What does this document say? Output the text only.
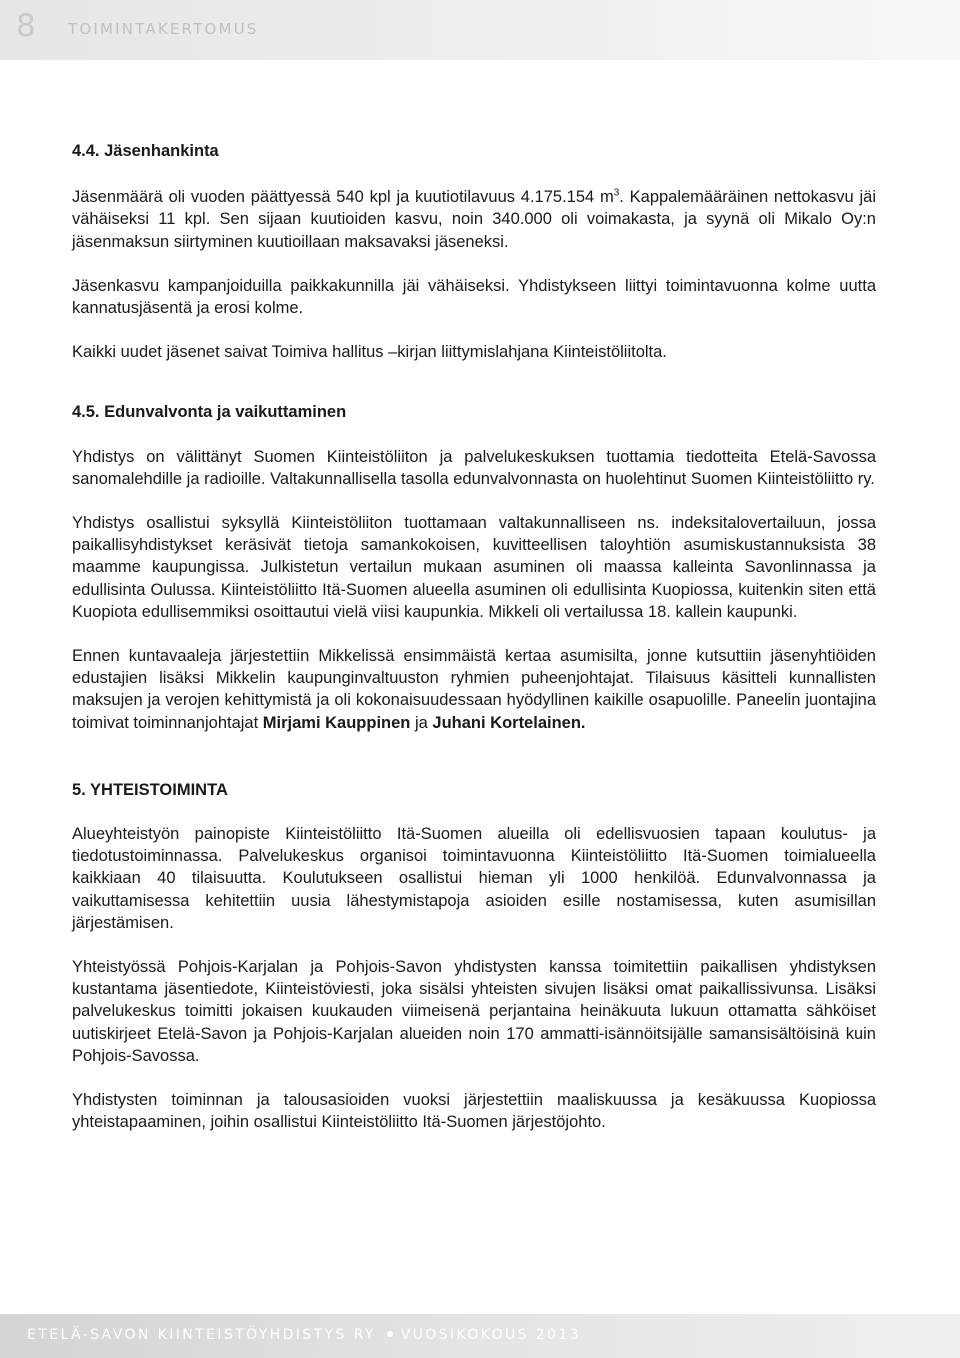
8 TOIMINTAKERTOMUS

4.4. Jäsenhankinta

Jäsenmäärä oli vuoden päättyessä 540 kpl ja kuutiotilavuus 4.175.154 $m^3$. Kappalemääräinen nettokasvu jäi vähäiseksi 11 kpl. Sen sijaan kuutioiden kasvu, noin 340.000 oli voimakasta, ja syynä oli Mikalo Oy:n jäsenmaksun siirtyminen kuutioillaan maksavaksi jäseneksi.

Jäsenkasvu kampanjoiduilla paikkakunnilla jäi vähäiseksi. Yhdistykseen liittyi toimintavuonna kolme uutta kannatusjäsentä ja erosi kolme.

Kaikki uudet jäsenet saivat Toimiva hallitus –kirjan liittymislahjana Kiinteistöliitolta.

4.5. Edunvalvonta ja vaikuttaminen

Yhdistys on välittänyt Suomen Kiinteistöliiton ja palvelukeskuksen tuottamia tiedotteita Etelä-Savossa sanomalehdille ja radioille. Valtakunnallisella tasolla edunvalvonnasta on huolehtinut Suomen Kiinteistöliitto ry.

Yhdistys osallistui syksyllä Kiinteistöliiton tuottamaan valtakunnalliseen ns. indeksitalovertailuun, jossa paikallisyhdistykset keräsivät tietoja samankokoisen, kuvitteellisen taloyhtiön asumiskustannuksista 38 maamme kaupungissa. Julkistetun vertailun mukaan asuminen oli maassa kalleinta Savonlinnassa ja edullisinta Oulussa. Kiinteistöliitto Itä-Suomen alueella asuminen oli edullisinta Kuopiossa, kuitenkin siten että Kuopiota edullisemmiksi osoittautui vielä viisi kaupunkia. Mikkeli oli vertailussa 18. kallein kaupunki.

Ennen kuntavaaleja järjestettiin Mikkelissä ensimmäistä kertaa asumisilta, jonne kutsuttiin jäsenyhtiöiden edustajien lisäksi Mikkelin kaupunginvaltuuston ryhmien puheenjohtajat. Tilaisuus käsitteli kunnallisten maksujen ja verojen kehittymistä ja oli kokonaisuudessaan hyödyllinen kaikille osapuolille. Paneelin juontajina toimivat toiminnanjohtajat Mirjami Kauppinen ja Juhani Kortelainen.

5. YHTEISTOIMINTA

Alueyhteistyön painopiste Kiinteistöliitto Itä-Suomen alueilla oli edellisvuosien tapaan koulutus- ja tiedotustoiminnassa. Palvelukeskus organisoi toimintavuonna Kiinteistöliitto Itä-Suomen toimialueella kaikkiaan 40 tilaisuutta. Koulutukseen osallistui hieman yli 1000 henkilöä. Edunvalvonnassa ja vaikuttamisessa kehitettiin uusia lähestymistapoja asioiden esille nostamisessa, kuten asumisillan järjestämisen.

Yhteistyössä Pohjois-Karjalan ja Pohjois-Savon yhdistysten kanssa toimitettiin paikallisen yhdistyksen kustantama jäsentiedote, Kiinteistöviesti, joka sisälsi yhteisten sivujen lisäksi omat paikallissivunsa. Lisäksi palvelukeskus toimitti jokaisen kuukauden viimeisenä perjantaina heinäkuuta lukuun ottamatta sähköiset uutiskirjeet Etelä-Savon ja Pohjois-Karjalan alueiden noin 170 ammatti-isännöitsijälle samansisältöisinä kuin Pohjois-Savossa.

Yhdistysten toiminnan ja talousasioiden vuoksi järjestettiin maaliskuussa ja kesäkuussa Kuopiossa yhteistapaaminen, joihin osallistui Kiinteistöliitto Itä-Suomen järjestöjohto.

ETELÄ-SAVON KIINTEISTÖYHDISTYS RY VUOSIKOKOUS 2013
